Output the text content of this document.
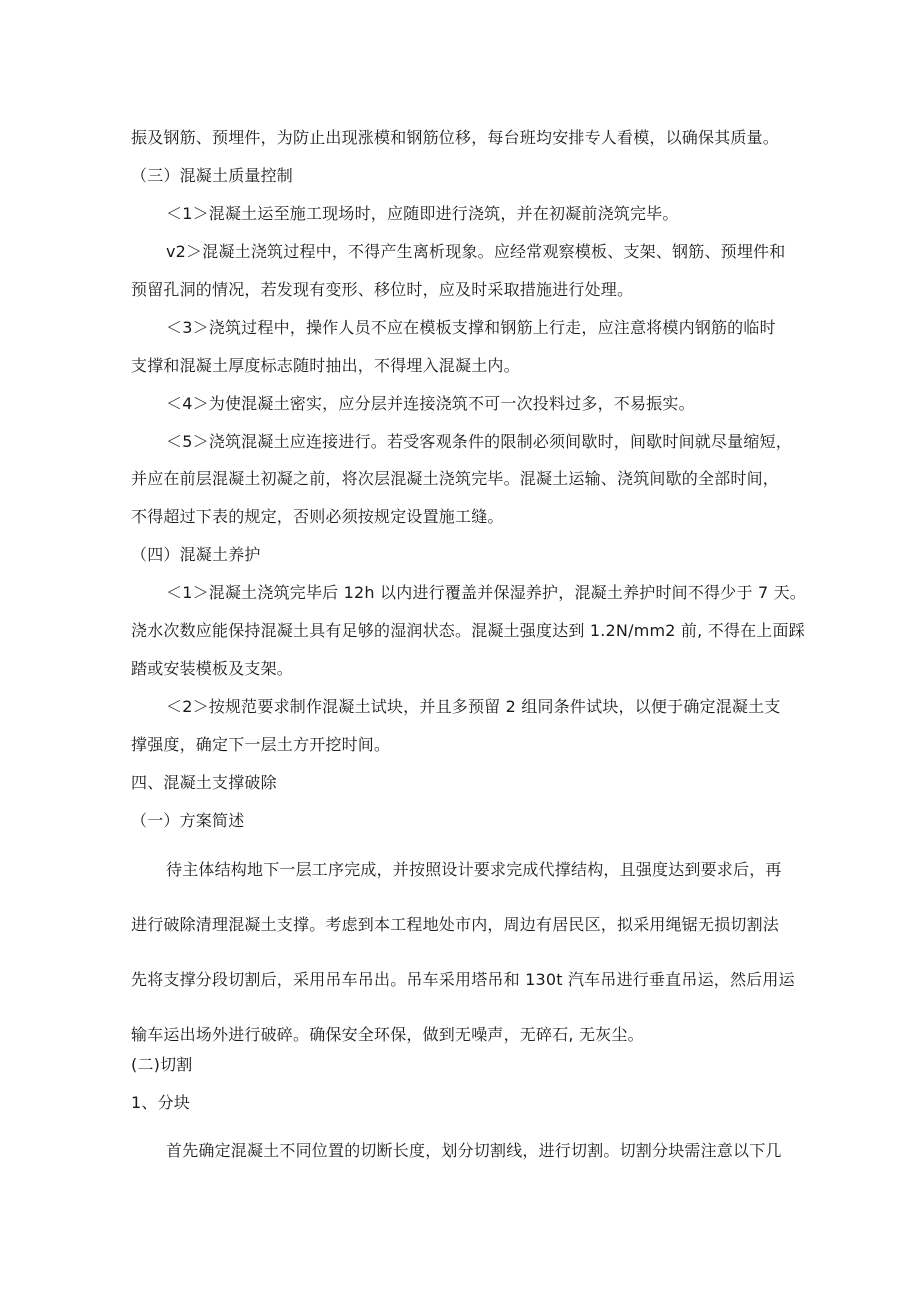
振及钢筋、预埋件，为防止出现涨模和钢筋位移，每台班均安排专人看模，以确保其质量。
（三）混凝土质量控制
＜1＞混凝土运至施工现场时，应随即进行浇筑，并在初凝前浇筑完毕。
v2＞混凝土浇筑过程中，不得产生离析现象。应经常观察模板、支架、钢筋、预埋件和
预留孔洞的情况，若发现有变形、移位时，应及时采取措施进行处理。
＜3＞浇筑过程中，操作人员不应在模板支撑和钢筋上行走，应注意将模内钢筋的临时
支撑和混凝土厚度标志随时抽出，不得埋入混凝土内。
＜4＞为使混凝土密实，应分层并连接浇筑不可一次投料过多，不易振实。
＜5＞浇筑混凝土应连接进行。若受客观条件的限制必须间歇时，间歇时间就尽量缩短，
并应在前层混凝土初凝之前，将次层混凝土浇筑完毕。混凝土运输、浇筑间歇的全部时间，
不得超过下表的规定，否则必须按规定设置施工缝。
（四）混凝土养护
＜1＞混凝土浇筑完毕后 12h 以内进行覆盖并保湿养护，混凝土养护时间不得少于 7 天。
浇水次数应能保持混凝土具有足够的湿润状态。混凝土强度达到 1.2N∕mm2 前, 不得在上面踩
踏或安装模板及支架。
＜2＞按规范要求制作混凝土试块，并且多预留 2 组同条件试块，以便于确定混凝土支
撑强度，确定下一层土方开挖时间。
四、混凝土支撑破除
（一）方案简述
待主体结构地下一层工序完成，并按照设计要求完成代撑结构，且强度达到要求后，再
进行破除清理混凝土支撑。考虑到本工程地处市内，周边有居民区，拟采用绳锯无损切割法
先将支撑分段切割后，采用吊车吊出。吊车采用塔吊和 130t 汽车吊进行垂直吊运，然后用运
输车运出场外进行破碎。确保安全环保，做到无噪声，无碎石, 无灰尘。
(二)切割
1、分块
首先确定混凝土不同位置的切断长度，划分切割线，进行切割。切割分块需注意以下几
